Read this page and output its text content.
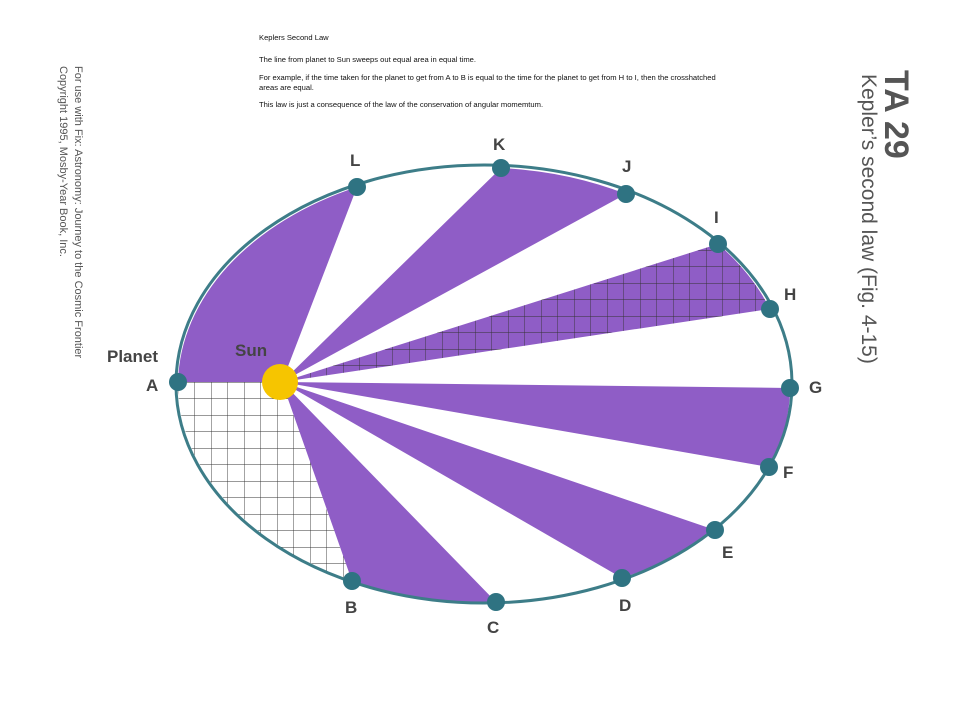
Keplers Second Law
The line from planet to Sun sweeps out equal area in equal time.
For example, if the time taken for the planet to get from A to B is equal to the time for the planet to get from H to I, then the crosshatched areas are equal.
This law is just a consequence of the law of the conservation of angular momemtum.	TA 29
Kepler’s second law (Fig. 4-15)
For use with Fix: Astronomy: Journey to the Cosmic Frontier
Copyright 1995, Mosby-Year Book, Inc.
A
B
C
D
E
F
G
H
I
J
K
L
Planet	Sun
